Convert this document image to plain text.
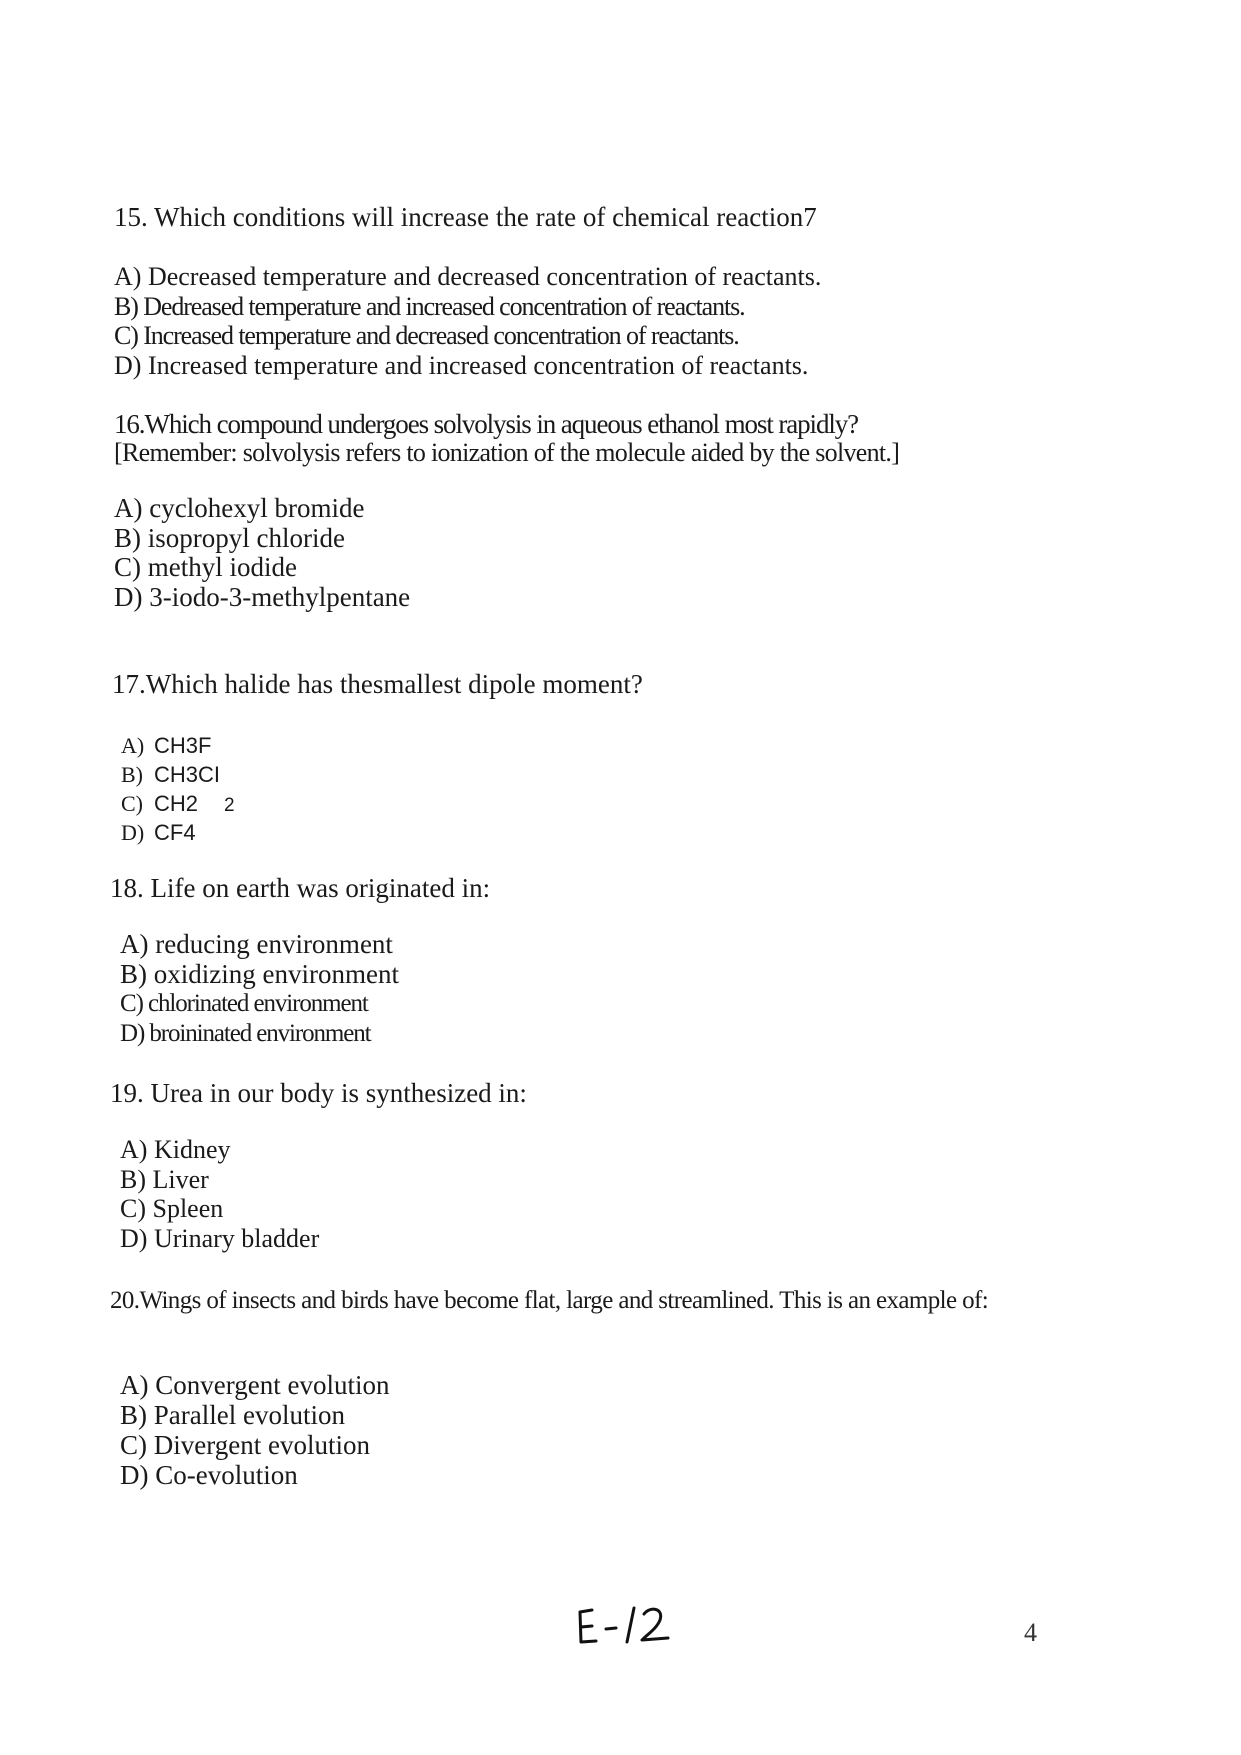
15. Which conditions will increase the rate of chemical reaction7
A) Decreased temperature and decreased concentration of reactants.
B) Dedreased temperature and increased concentration of reactants.
C) Increased temperature and decreased concentration of reactants.
D) Increased temperature and increased concentration of reactants.
16.Which compound undergoes solvolysis in aqueous ethanol most rapidly?
[Remember: solvolysis refers to ionization of the molecule aided by the solvent.]
A) cyclohexyl bromide
B) isopropyl chloride
C) methyl iodide
D) 3-iodo-3-methylpentane
17.Which halide has thesmallest dipole moment?
A) CH3F
B) CH3CI
C) CH2 2
D) CF4
18. Life on earth was originated in:
A) reducing environment
B) oxidizing environment
C) chlorinated environment
D) broininated environment
19. Urea in our body is synthesized in:
A) Kidney
B) Liver
C) Spleen
D) Urinary bladder
20.Wings of insects and birds have become flat, large and streamlined. This is an example of:
A) Convergent evolution
B) Parallel evolution
C) Divergent evolution
D) Co-evolution
4
